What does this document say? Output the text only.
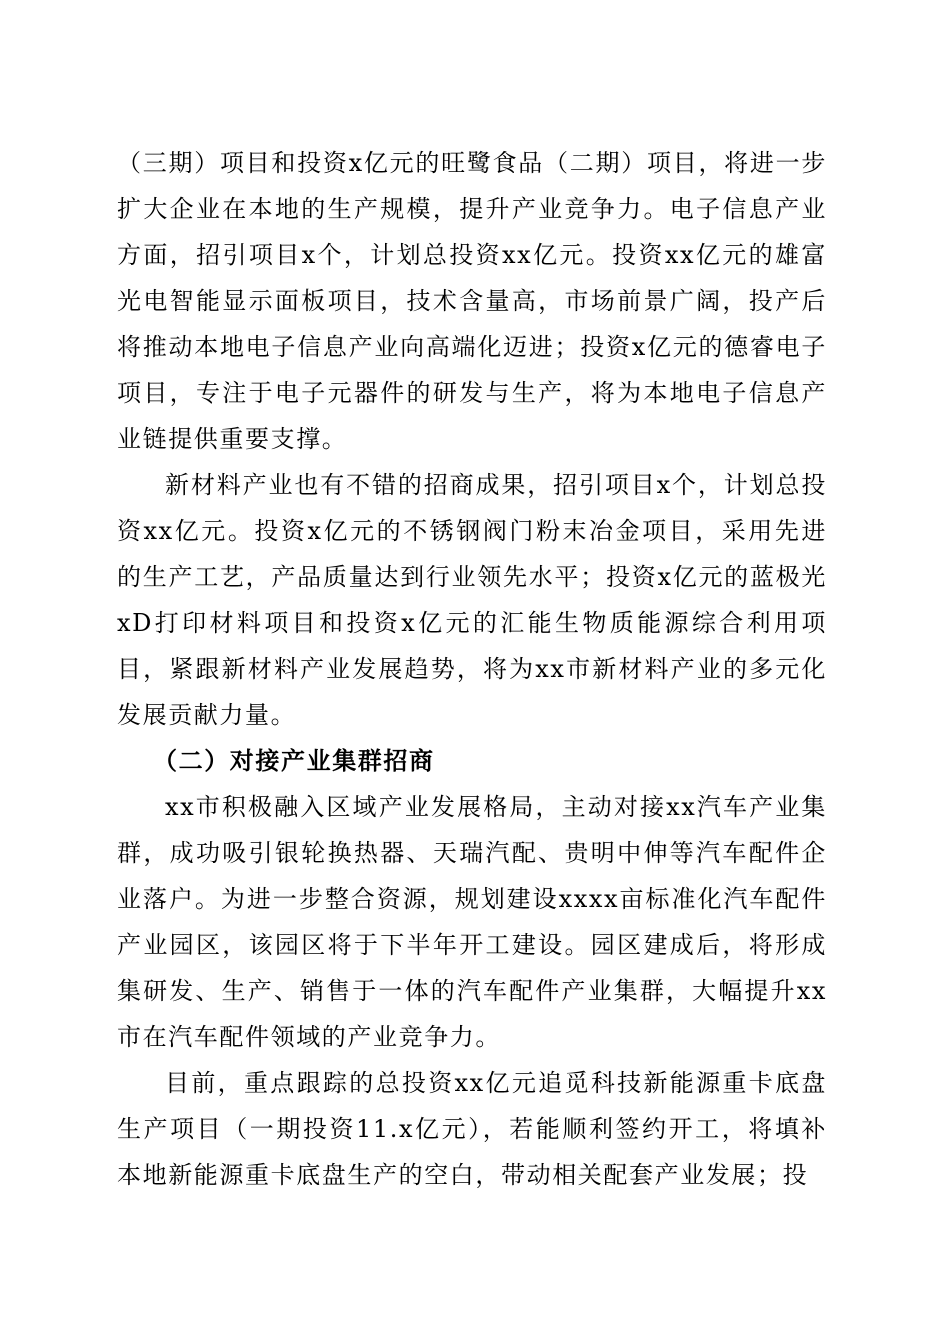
（三期）项目和投资x亿元的旺鹭食品（二期）项目，将进一步扩大企业在本地的生产规模，提升产业竞争力。电子信息产业方面，招引项目x个，计划总投资xx亿元。投资xx亿元的雄富光电智能显示面板项目，技术含量高，市场前景广阔，投产后将推动本地电子信息产业向高端化迈进；投资x亿元的德睿电子项目，专注于电子元器件的研发与生产，将为本地电子信息产业链提供重要支撑。

新材料产业也有不错的招商成果，招引项目x个，计划总投资xx亿元。投资x亿元的不锈钢阀门粉末冶金项目，采用先进的生产工艺，产品质量达到行业领先水平；投资x亿元的蓝极光xD打印材料项目和投资x亿元的汇能生物质能源综合利用项目，紧跟新材料产业发展趋势，将为xx市新材料产业的多元化发展贡献力量。

（二）对接产业集群招商

xx市积极融入区域产业发展格局，主动对接xx汽车产业集群，成功吸引银轮换热器、天瑞汽配、贵明中伸等汽车配件企业落户。为进一步整合资源，规划建设xxxx亩标准化汽车配件产业园区，该园区将于下半年开工建设。园区建成后，将形成集研发、生产、销售于一体的汽车配件产业集群，大幅提升xx市在汽车配件领域的产业竞争力。

目前，重点跟踪的总投资xx亿元追觅科技新能源重卡底盘生产项目（一期投资11.x亿元），若能顺利签约开工，将填补本地新能源重卡底盘生产的空白，带动相关配套产业发展；投
